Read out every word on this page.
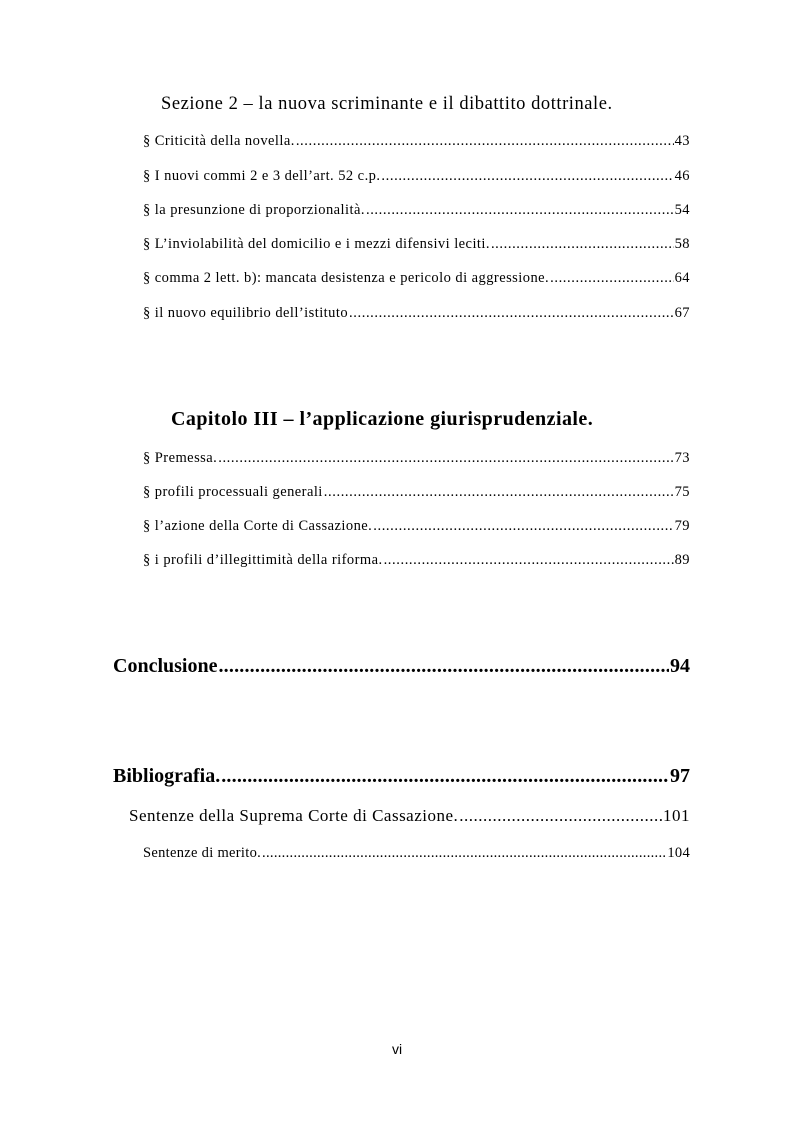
Sezione 2 – la nuova scriminante e il dibattito dottrinale.
§ Criticità della novella. .....	43
§ I nuovi commi 2 e 3 dell’art. 52 c.p. .....	46
§ la presunzione di proporzionalità. .....	54
§ L’inviolabilità del domicilio e i mezzi difensivi leciti. .....	58
§ comma 2 lett. b): mancata desistenza e pericolo di aggressione. .....	64
§ il nuovo equilibrio dell’istituto .....	67
Capitolo III – l’applicazione giurisprudenziale.
§ Premessa. .....	73
§ profili processuali generali .....	75
§ l’azione della Corte di Cassazione. .....	79
§ i profili d’illegittimità della riforma. .....	89
Conclusione .....	94
Bibliografia. .....	97
Sentenze della Suprema Corte di Cassazione. .....	101
Sentenze di merito. .....	104
vi
